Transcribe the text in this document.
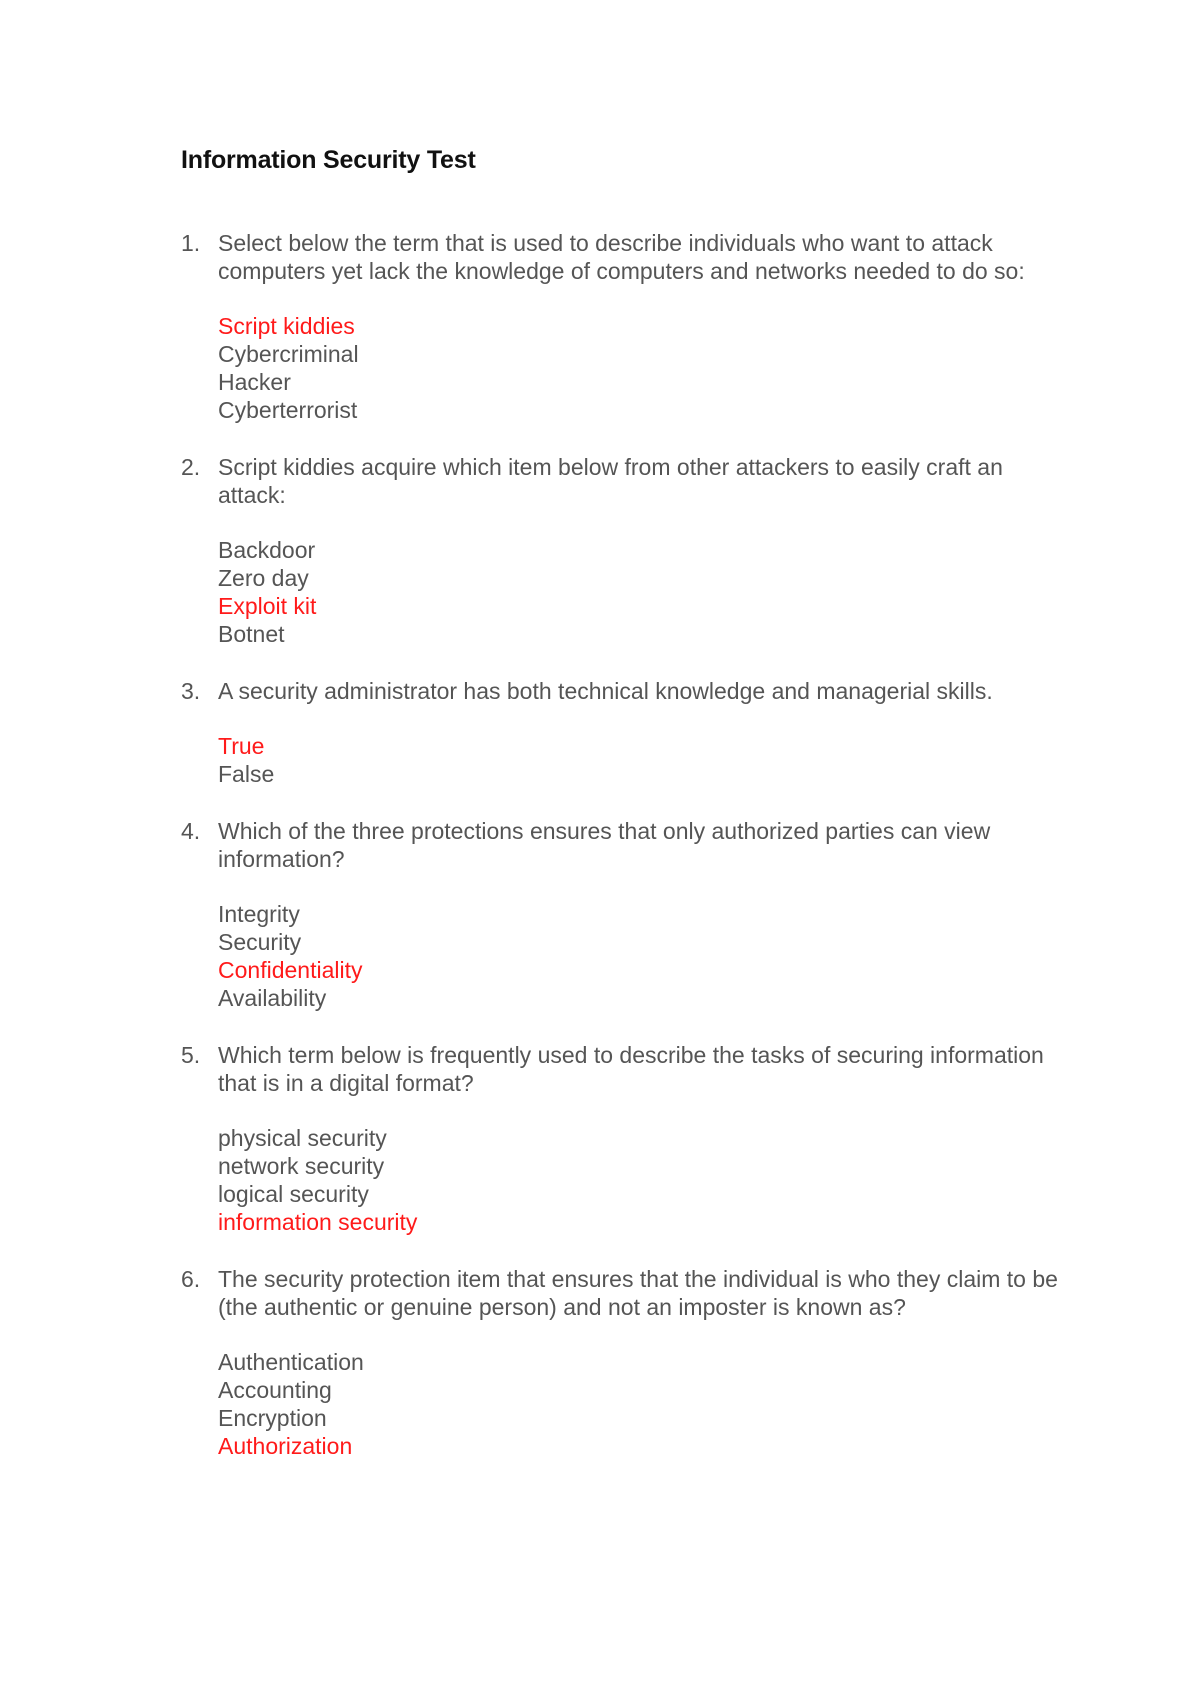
Information Security Test
1. Select below the term that is used to describe individuals who want to attack computers yet lack the knowledge of computers and networks needed to do so:
Script kiddies
Cybercriminal
Hacker
Cyberterrorist
2. Script kiddies acquire which item below from other attackers to easily craft an attack:
Backdoor
Zero day
Exploit kit
Botnet
3. A security administrator has both technical knowledge and managerial skills.
True
False
4. Which of the three protections ensures that only authorized parties can view information?
Integrity
Security
Confidentiality
Availability
5. Which term below is frequently used to describe the tasks of securing information that is in a digital format?
physical security
network security
logical security
information security
6. The security protection item that ensures that the individual is who they claim to be (the authentic or genuine person) and not an imposter is known as?
Authentication
Accounting
Encryption
Authorization
